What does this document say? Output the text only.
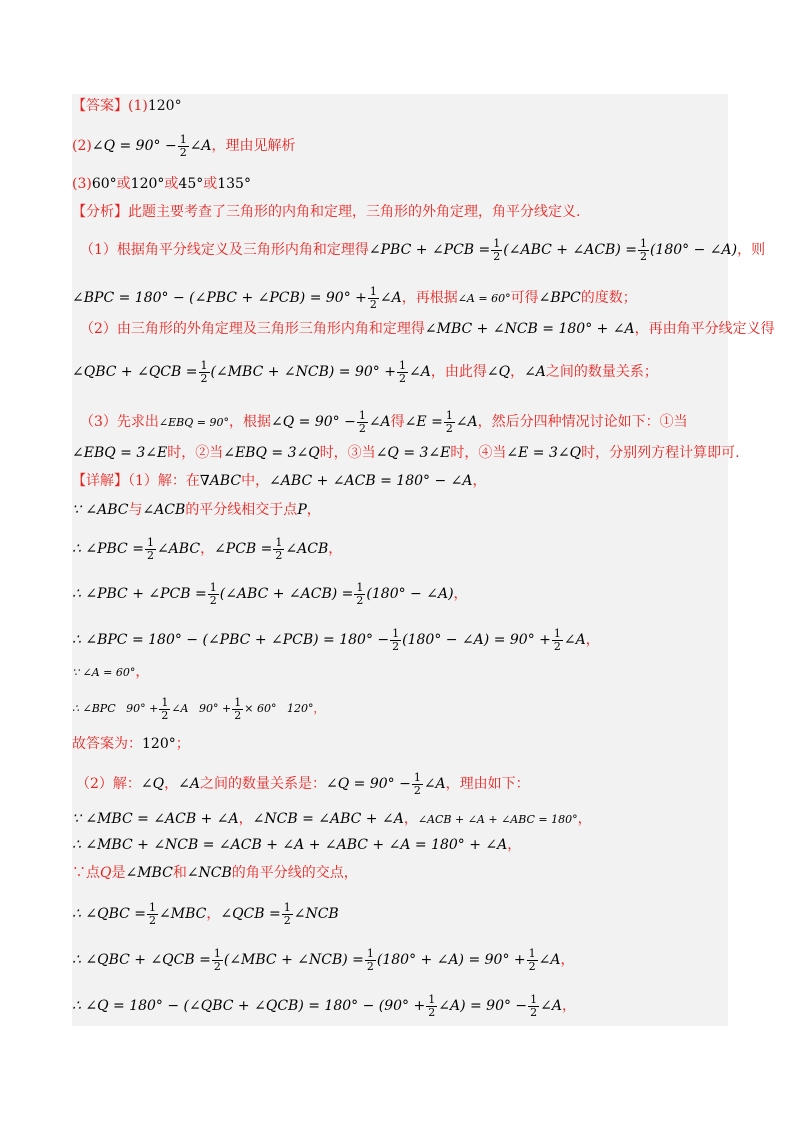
【答案】(1)120°
(2)∠Q = $90^\circ - \frac{1}{2}$ ∠A，理由见解析
(3)60°或120°或45°或135°
【分析】此题主要考查了三角形的内角和定理，三角形的外角定理，角平分线定义.
（1）根据角平分线定义及三角形内角和定理得∠PBC + ∠PCB = $\frac{1}{2}$ (∠ABC + ∠ACB) = $\frac{1}{2} (180^\circ$ − ∠A)，则
∠BPC = 180° − (∠PBC + ∠PCB) = $90^\circ + \frac{1}{2}$ ∠A，再根据∠A = 60°可得∠BPC的度数；
（2）由三角形的外角定理及三角形三角形内角和定理得∠MBC + ∠NCB = 180° + ∠A，再由角平分线定义得
∠QBC + ∠QCB = $\frac{1}{2}$ (∠MBC + ∠NCB) = $90^\circ + \frac{1}{2}$ ∠A，由此得∠Q，∠A之间的数量关系；
（3）先求出∠EBQ = 90°，根据∠Q = $90^\circ - \frac{1}{2}$ ∠A得∠E = $\frac{1}{2}$ ∠A，然后分四种情况讨论如下：①当
∠EBQ = 3∠E时，②当∠EBQ = 3∠Q时，③当∠Q = 3∠E时，④当∠E = 3∠Q时，分别列方程计算即可.
【详解】（1）解：在∇ABC中，∠ABC + ∠ACB = 180° − ∠A，
∵ ∠ABC与∠ACB的平分线相交于点P，
∴ ∠PBC = $\frac{1}{2}$ ∠ABC，∠PCB = $\frac{1}{2}$ ∠ACB，
∴ ∠PBC + ∠PCB = $\frac{1}{2}$ (∠ABC + ∠ACB) = $\frac{1}{2} (180^\circ$ − ∠A)，
∴ ∠BPC = 180° − (∠PBC + ∠PCB) = $180^\circ - \frac{1}{2} (180^\circ$ − ∠A) = $90^\circ + \frac{1}{2}$ ∠A，
∵ ∠A = 60°，
∴ ∠BPC $90^\circ + \frac{1}{2}$ ∠A $90^\circ + \frac{1}{2} \times 60^\circ$ 120°，
故答案为：120°；
（2）解：∠Q，∠A之间的数量关系是：∠Q = $90^\circ - \frac{1}{2}$ ∠A，理由如下：
∵ ∠MBC = ∠ACB + ∠A，∠NCB = ∠ABC + ∠A，∠ACB + ∠A + ∠ABC = 180°，
∴ ∠MBC + ∠NCB = ∠ACB + ∠A + ∠ABC + ∠A = 180° + ∠A，
∵点Q是∠MBC和∠NCB的角平分线的交点，
∴ ∠QBC = $\frac{1}{2}$ ∠MBC，∠QCB = $\frac{1}{2}$ ∠NCB
∴ ∠QBC + ∠QCB = $\frac{1}{2}$ (∠MBC + ∠NCB) = $\frac{1}{2} (180^\circ$ + ∠A) = $90^\circ + \frac{1}{2}$ ∠A，
∴ ∠Q = 180° − (∠QBC + ∠QCB) = $180^\circ - (90^\circ + \frac{1}{2}$ ∠A) = $90^\circ - \frac{1}{2}$ ∠A，
